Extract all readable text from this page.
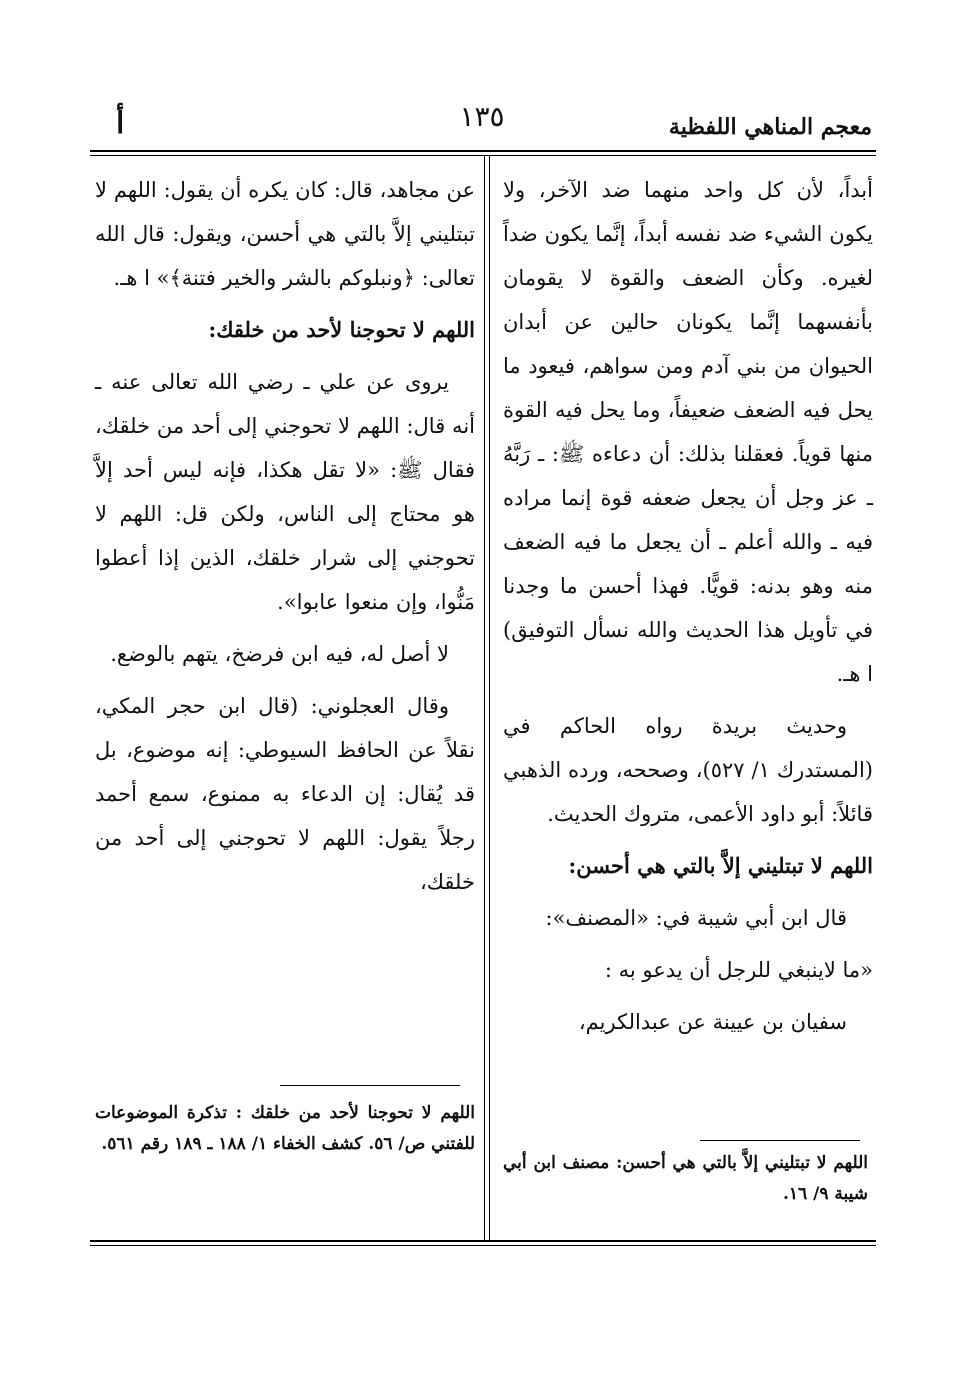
أ	١٣٥	معجم المناهي اللفظية

أبداً، لأن كل واحد منهما ضد الآخر، ولا يكون الشيء ضد نفسه أبداً، إنَّما يكون ضداً لغيره. وكأن الضعف والقوة لا يقومان بأنفسهما إنَّما يكونان حالين عن أبدان الحيوان من بني آدم ومن سواهم، فيعود ما يحل فيه الضعف ضعيفاً، وما يحل فيه القوة منها قوياً. فعقلنا بذلك: أن دعاءه ﷺ: ـ رَبَّهُ ـ عز وجل أن يجعل ضعفه قوة إنما مراده فيه ـ والله أعلم ـ أن يجعل ما فيه الضعف منه وهو بدنه: قويًّا. فهذا أحسن ما وجدنا في تأويل هذا الحديث والله نسأل التوفيق) ا هـ.

وحديث بريدة رواه الحاكم في (المستدرك ١/ ٥٢٧)، وصححه، ورده الذهبي قائلاً: أبو داود الأعمى، متروك الحديث.

اللهم لا تبتليني إلاَّ بالتي هي أحسن:

قال ابن أبي شيبة في: «المصنف»:

«ما لاينبغي للرجل أن يدعو به :

سفيان بن عيينة عن عبدالكريم،

عن مجاهد، قال: كان يكره أن يقول: اللهم لا تبتليني إلاَّ بالتي هي أحسن، ويقول: قال الله تعالى: ﴿ونبلوكم بالشر والخير فتنة﴾» ا هـ.

اللهم لا تحوجنا لأحد من خلقك:

يروى عن علي ـ رضي الله تعالى عنه ـ أنه قال: اللهم لا تحوجني إلى أحد من خلقك، فقال ﷺ: «لا تقل هكذا، فإنه ليس أحد إلاَّ هو محتاج إلى الناس، ولكن قل: اللهم لا تحوجني إلى شرار خلقك، الذين إذا أعطوا مَنُّوا، وإن منعوا عابوا».

لا أصل له، فيه ابن فرضخ، يتهم بالوضع.

وقال العجلوني: (قال ابن حجر المكي، نقلاً عن الحافظ السيوطي: إنه موضوع، بل قد يُقال: إن الدعاء به ممنوع، سمع أحمد رجلاً يقول: اللهم لا تحوجني إلى أحد من خلقك،

اللهم لا تبتليني إلاَّ بالتي هي أحسن: مصنف ابن أبي شيبة ٩/ ١٦.
اللهم لا تحوجنا لأحد من خلقك : تذكرة الموضوعات للفتني ص/ ٥٦. كشف الخفاء ١/ ١٨٨ ـ ١٨٩ رقم ٥٦١.
